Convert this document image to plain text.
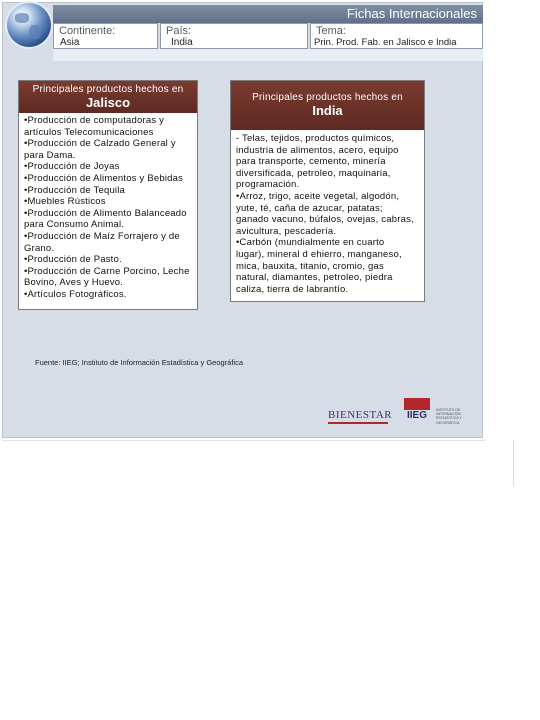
Fichas Internacionales
Continente:
Asia
País:
India
Tema:
Prin. Prod. Fab. en Jalisco e India
Principales productos hechos en
Jalisco
•Producción de computadoras y
artículos Telecomunicaciones
•Producción de Calzado General y
para Dama.
•Producción de Joyas
•Producción de Alimentos y Bebidas
•Producción de Tequila
•Muebles Rústicos
•Producción de Alimento Balanceado
para Consumo Animal.
•Producción de Maíz Forrajero y de
Grano.
•Producción de Pasto.
•Producción de Carne Porcino, Leche
Bovino, Aves y Huevo.
•Artículos Fotográficos.
Principales productos hechos en
India
- Telas, tejidos, productos químicos,
industria de alimentos, acero, equipo
para transporte, cemento, minería
diversificada, petroleo, maquinaria,
programación.
•Arroz, trigo, aceite vegetal, algodón,
yute, té, caña de azucar, patatas;
ganado vacuno, búfalos, ovejas, cabras,
avicultura, pescadería.
•Carbón (mundialmente en cuarto
lugar), mineral d ehierro, manganeso,
mica, bauxita, titanio, cromio, gas
natural, diamantes, petroleo, piedra
caliza, tierra de labrantío.
Fuente: IIEG; Instituto de Información Estadística y Geográfica
BIENESTAR	IIEG	INSTITUTO DE
INFORMACIÓN
ESTADÍSTICA Y
GEOGRÁFICA
